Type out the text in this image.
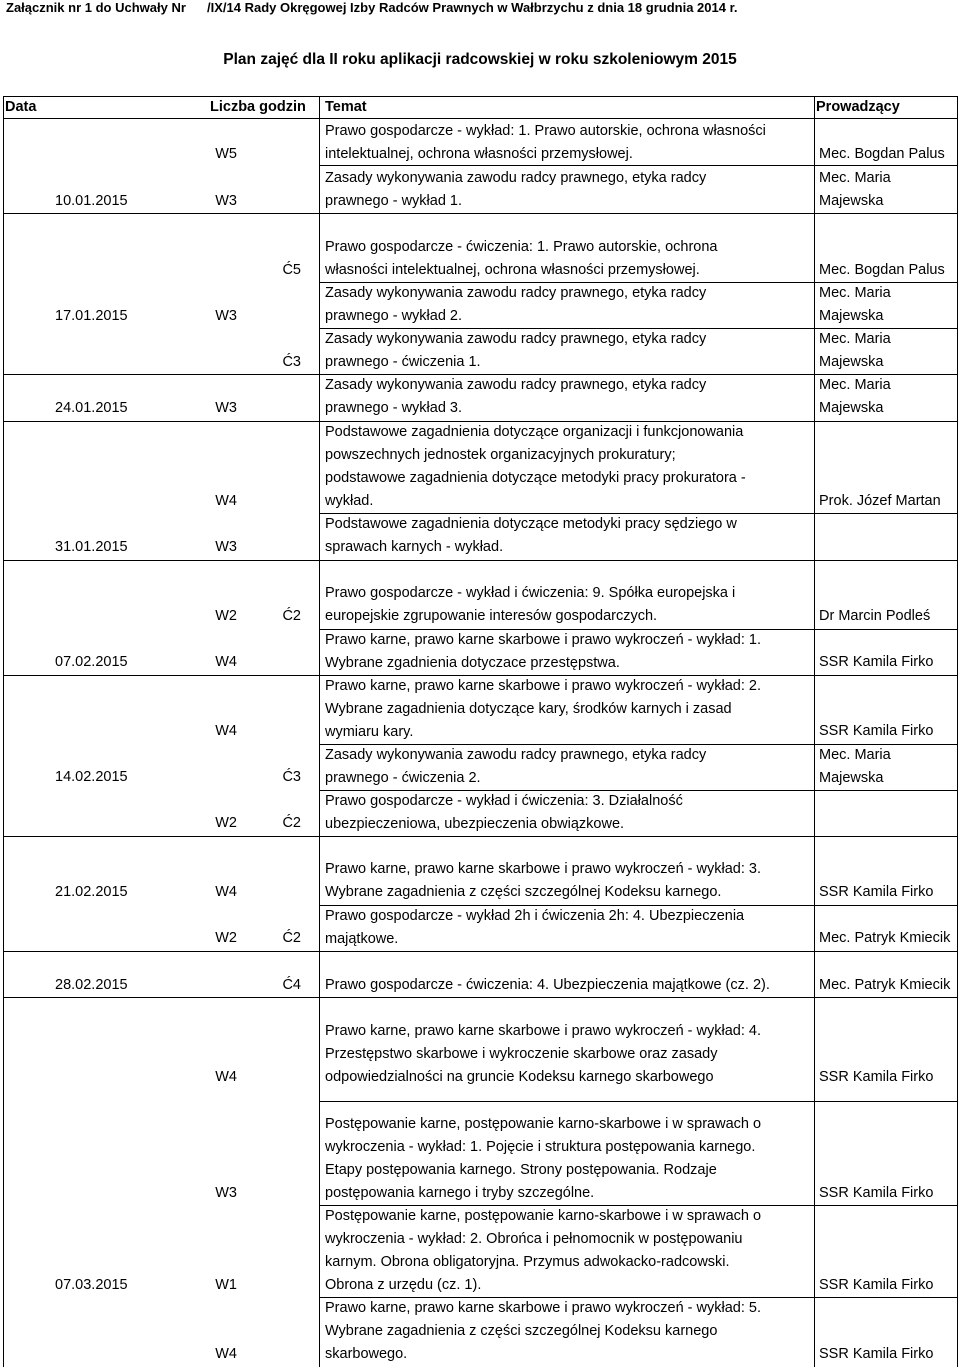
Załącznik nr 1 do Uchwały Nr /IX/14 Rady Okręgowej Izby Radców Prawnych w Wałbrzychu z dnia 18 grudnia 2014 r.
Plan zajęć dla II roku aplikacji radcowskiej w roku szkoleniowym 2015
Data	Liczba godzin Temat	Prowadzący
10.01.2015
17.01.2015
24.01.2015
31.01.2015
07.02.2015
14.02.2015
21.02.2015
28.02.2015
07.03.2015
W5
W3
W3
W3
W4
W3
W2
W4
W4
W2
W4
W2
W4
W3
W1
W4
Ć5
Ć3
Ć2
Ć3
Ć2
Ć2
Ć4
Prawo gospodarcze - wykład: 1. Prawo autorskie, ochrona własności
intelektualnej, ochrona własności przemysłowej.
Zasady wykonywania zawodu radcy prawnego, etyka radcy
prawnego - wykład 1.
Prawo gospodarcze - ćwiczenia: 1. Prawo autorskie, ochrona
własności intelektualnej, ochrona własności przemysłowej.
Zasady wykonywania zawodu radcy prawnego, etyka radcy
prawnego - wykład 2.
Zasady wykonywania zawodu radcy prawnego, etyka radcy
prawnego - ćwiczenia 1.
Zasady wykonywania zawodu radcy prawnego, etyka radcy
prawnego - wykład 3.
Podstawowe zagadnienia dotyczące organizacji i funkcjonowania
powszechnych jednostek organizacyjnych prokuratury;
podstawowe zagadnienia dotyczące metodyki pracy prokuratora -
wykład.
Podstawowe zagadnienia dotyczące metodyki pracy sędziego w
sprawach karnych - wykład.
Prawo gospodarcze - wykład i ćwiczenia: 9. Spółka europejska i
europejskie zgrupowanie interesów gospodarczych.
Prawo karne, prawo karne skarbowe i prawo wykroczeń - wykład: 1.
Wybrane zgadnienia dotyczace przestępstwa.
Prawo karne, prawo karne skarbowe i prawo wykroczeń - wykład: 2.
Wybrane zagadnienia dotyczące kary, środków karnych i zasad
wymiaru kary.
Zasady wykonywania zawodu radcy prawnego, etyka radcy
prawnego - ćwiczenia 2.
Prawo gospodarcze - wykład i ćwiczenia: 3. Działalność
ubezpieczeniowa, ubezpieczenia obwiązkowe.
Prawo karne, prawo karne skarbowe i prawo wykroczeń - wykład: 3.
Wybrane zagadnienia z części szczególnej Kodeksu karnego.
Prawo gospodarcze - wykład 2h i ćwiczenia 2h: 4. Ubezpieczenia
majątkowe.
Prawo gospodarcze - ćwiczenia: 4. Ubezpieczenia majątkowe (cz. 2).
Prawo karne, prawo karne skarbowe i prawo wykroczeń - wykład: 4.
Przestępstwo skarbowe i wykroczenie skarbowe oraz zasady
odpowiedzialności na gruncie Kodeksu karnego skarbowego
Postępowanie karne, postępowanie karno-skarbowe i w sprawach o
wykroczenia - wykład: 1. Pojęcie i struktura postępowania karnego.
Etapy postępowania karnego. Strony postępowania. Rodzaje
postępowania karnego i tryby szczególne.
Postępowanie karne, postępowanie karno-skarbowe i w sprawach o
wykroczenia - wykład: 2. Obrońca i pełnomocnik w postępowaniu
karnym. Obrona obligatoryjna. Przymus adwokacko-radcowski.
Obrona z urzędu (cz. 1).
Prawo karne, prawo karne skarbowe i prawo wykroczeń - wykład: 5.
Wybrane zagadnienia z części szczególnej Kodeksu karnego
skarbowego.
Mec. Bogdan Palus
Mec. Maria
Majewska
Mec. Bogdan Palus
Mec. Maria
Majewska
Mec. Maria
Majewska
Mec. Maria
Majewska
Prok. Józef Martan
Dr Marcin Podleś
SSR Kamila Firko
SSR Kamila Firko
Mec. Maria
Majewska
SSR Kamila Firko
Mec. Patryk Kmiecik
Mec. Patryk Kmiecik
SSR Kamila Firko
SSR Kamila Firko
SSR Kamila Firko
SSR Kamila Firko
